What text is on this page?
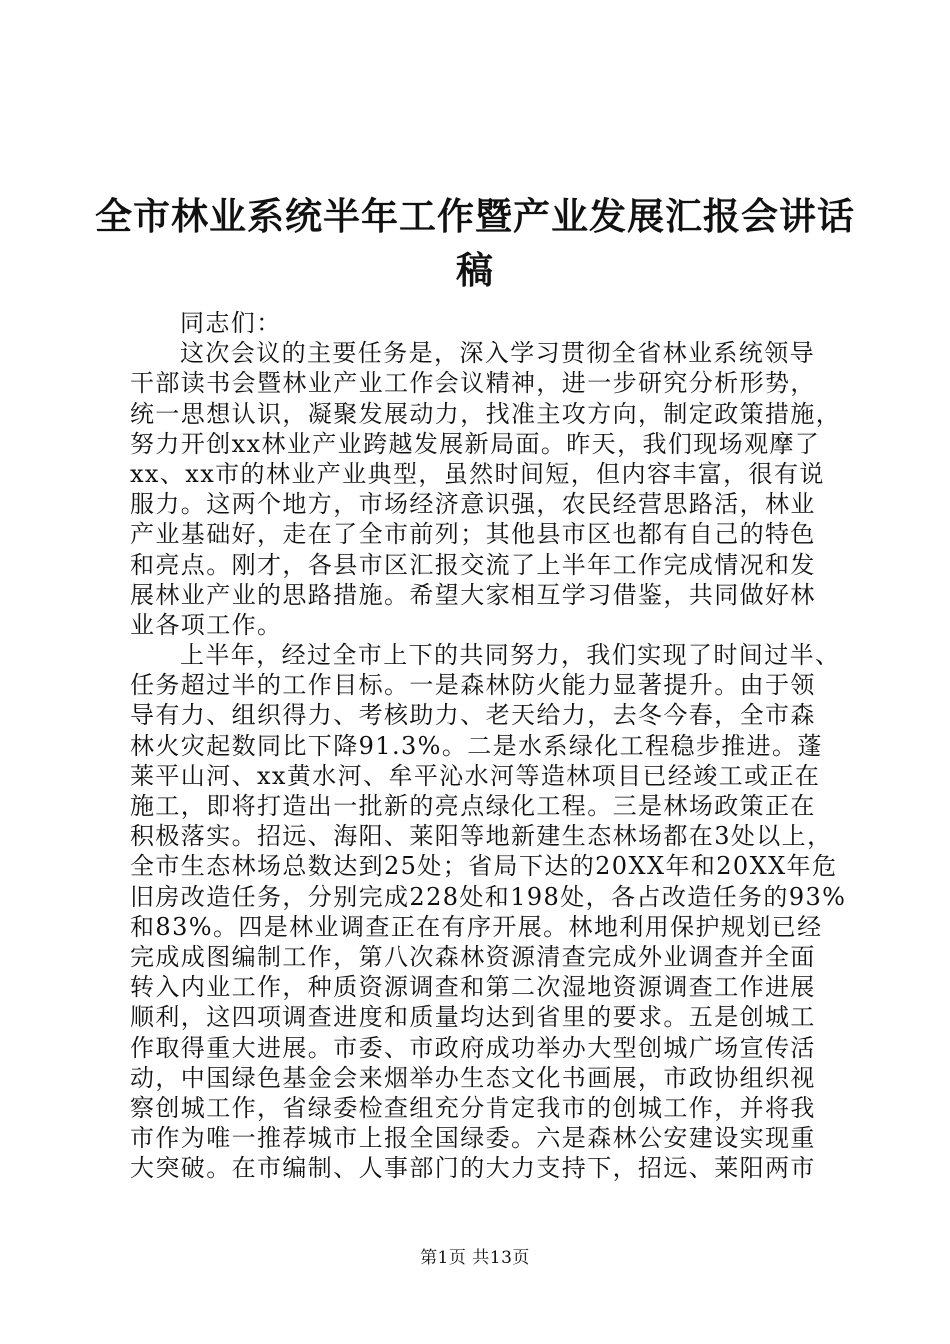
全市林业系统半年工作暨产业发展汇报会讲话
稿
同志们：
这次会议的主要任务是，深入学习贯彻全省林业系统领导
干部读书会暨林业产业工作会议精神，进一步研究分析形势，
统一思想认识，凝聚发展动力，找准主攻方向，制定政策措施，
努力开创xx林业产业跨越发展新局面。昨天，我们现场观摩了
xx、xx市的林业产业典型，虽然时间短，但内容丰富，很有说
服力。这两个地方，市场经济意识强，农民经营思路活，林业
产业基础好，走在了全市前列；其他县市区也都有自己的特色
和亮点。刚才，各县市区汇报交流了上半年工作完成情况和发
展林业产业的思路措施。希望大家相互学习借鉴，共同做好林
业各项工作。
上半年，经过全市上下的共同努力，我们实现了时间过半、
任务超过半的工作目标。一是森林防火能力显著提升。由于领
导有力、组织得力、考核助力、老天给力，去冬今春，全市森
林火灾起数同比下降91.3%。二是水系绿化工程稳步推进。蓬
莱平山河、xx黄水河、牟平沁水河等造林项目已经竣工或正在
施工，即将打造出一批新的亮点绿化工程。三是林场政策正在
积极落实。招远、海阳、莱阳等地新建生态林场都在3处以上，
全市生态林场总数达到25处；省局下达的20XX年和20XX年危
旧房改造任务，分别完成228处和198处，各占改造任务的93%
和83%。四是林业调查正在有序开展。林地利用保护规划已经
完成成图编制工作，第八次森林资源清查完成外业调查并全面
转入内业工作，种质资源调查和第二次湿地资源调查工作进展
顺利，这四项调查进度和质量均达到省里的要求。五是创城工
作取得重大进展。市委、市政府成功举办大型创城广场宣传活
动，中国绿色基金会来烟举办生态文化书画展，市政协组织视
察创城工作，省绿委检查组充分肯定我市的创城工作，并将我
市作为唯一推荐城市上报全国绿委。六是森林公安建设实现重
大突破。在市编制、人事部门的大力支持下，招远、莱阳两市
第1页 共13页
